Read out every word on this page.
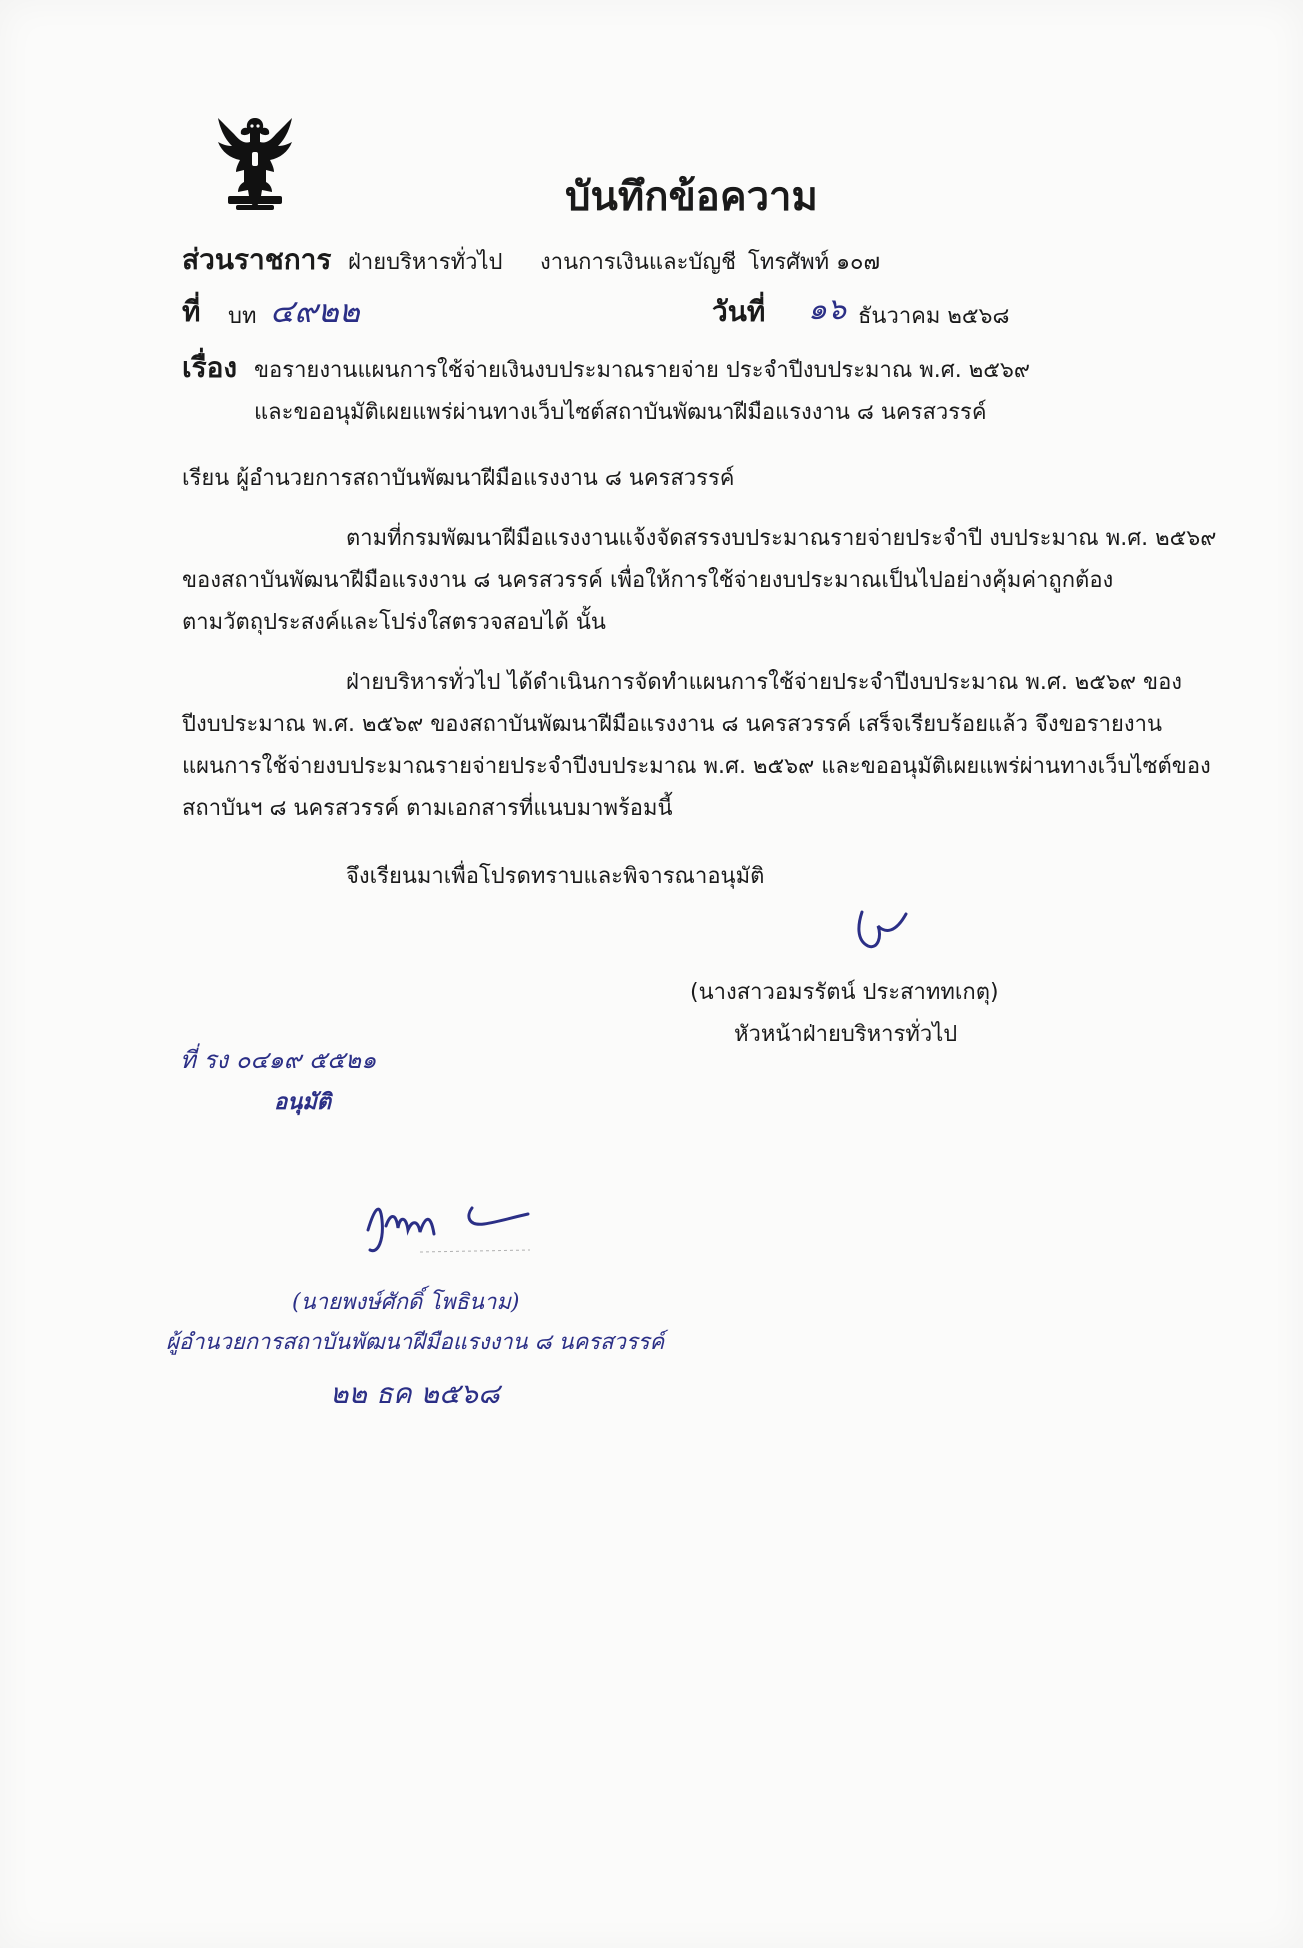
บันทึกข้อความ
ส่วนราชการ ฝ่ายบริหารทั่วไป งานการเงินและบัญชี โทรศัพท์ ๑๐๗
ที่ บท ๔๙๒๒	วันที่ ๑๖ ธันวาคม ๒๕๖๘
เรื่อง ขอรายงานแผนการใช้จ่ายเงินงบประมาณรายจ่าย ประจำปีงบประมาณ พ.ศ. ๒๕๖๙
และขออนุมัติเผยแพร่ผ่านทางเว็บไซต์สถาบันพัฒนาฝีมือแรงงาน ๘ นครสวรรค์
เรียน ผู้อำนวยการสถาบันพัฒนาฝีมือแรงงาน ๘ นครสวรรค์
ตามที่กรมพัฒนาฝีมือแรงงานแจ้งจัดสรรงบประมาณรายจ่ายประจำปี งบประมาณ พ.ศ. ๒๕๖๙
ของสถาบันพัฒนาฝีมือแรงงาน ๘ นครสวรรค์ เพื่อให้การใช้จ่ายงบประมาณเป็นไปอย่างคุ้มค่าถูกต้อง
ตามวัตถุประสงค์และโปร่งใสตรวจสอบได้ นั้น
ฝ่ายบริหารทั่วไป ได้ดำเนินการจัดทำแผนการใช้จ่ายประจำปีงบประมาณ พ.ศ. ๒๕๖๙ ของ
ปีงบประมาณ พ.ศ. ๒๕๖๙ ของสถาบันพัฒนาฝีมือแรงงาน ๘ นครสวรรค์ เสร็จเรียบร้อยแล้ว จึงขอรายงาน
แผนการใช้จ่ายงบประมาณรายจ่ายประจำปีงบประมาณ พ.ศ. ๒๕๖๙ และขออนุมัติเผยแพร่ผ่านทางเว็บไซต์ของ
สถาบันฯ ๘ นครสวรรค์ ตามเอกสารที่แนบมาพร้อมนี้
จึงเรียนมาเพื่อโปรดทราบและพิจารณาอนุมัติ
(นางสาวอมรรัตน์ ประสาททเกตุ)
หัวหน้าฝ่ายบริหารทั่วไป
ที่ รง ๐๔๑๙ ๕๕๒๑
อนุมัติ
(นายพงษ์ศักดิ์ โพธินาม)
ผู้อำนวยการสถาบันพัฒนาฝีมือแรงงาน ๘ นครสวรรค์
๒๒ ธค ๒๕๖๘
